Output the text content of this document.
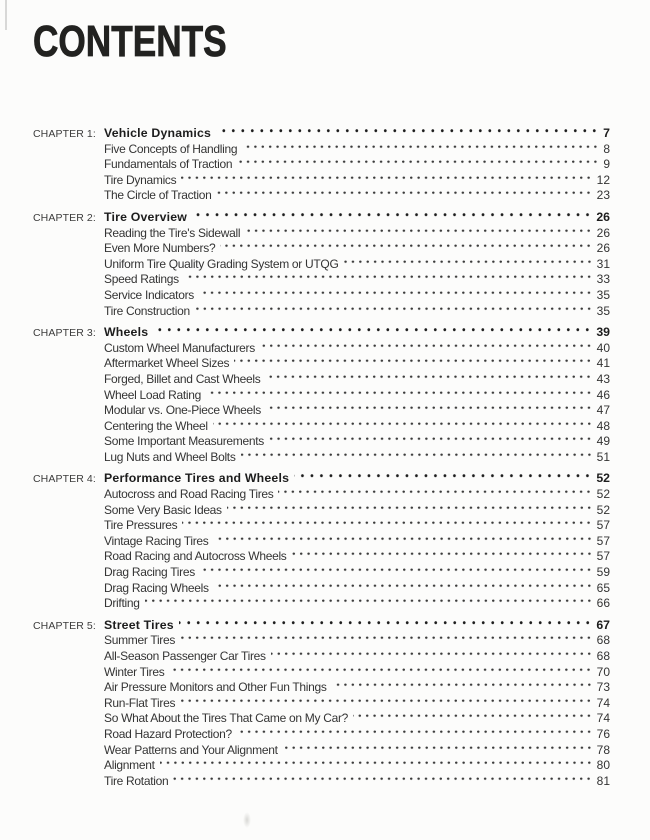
CONTENTS
CHAPTER 1: Vehicle Dynamics	7
Five Concepts of Handling	8
Fundamentals of Traction	9
Tire Dynamics	12
The Circle of Traction	23
CHAPTER 2: Tire Overview	26
Reading the Tire's Sidewall	26
Even More Numbers?	26
Uniform Tire Quality Grading System or UTQG	31
Speed Ratings	33
Service Indicators	35
Tire Construction	35
CHAPTER 3: Wheels	39
Custom Wheel Manufacturers	40
Aftermarket Wheel Sizes	41
Forged, Billet and Cast Wheels	43
Wheel Load Rating	46
Modular vs. One-Piece Wheels	47
Centering the Wheel	48
Some Important Measurements	49
Lug Nuts and Wheel Bolts	51
CHAPTER 4: Performance Tires and Wheels	52
Autocross and Road Racing Tires	52
Some Very Basic Ideas	52
Tire Pressures	57
Vintage Racing Tires	57
Road Racing and Autocross Wheels	57
Drag Racing Tires	59
Drag Racing Wheels	65
Drifting	66
CHAPTER 5: Street Tires	67
Summer Tires	68
All-Season Passenger Car Tires	68
Winter Tires	70
Air Pressure Monitors and Other Fun Things	73
Run-Flat Tires	74
So What About the Tires That Came on My Car?	74
Road Hazard Protection?	76
Wear Patterns and Your Alignment	78
Alignment	80
Tire Rotation	81
